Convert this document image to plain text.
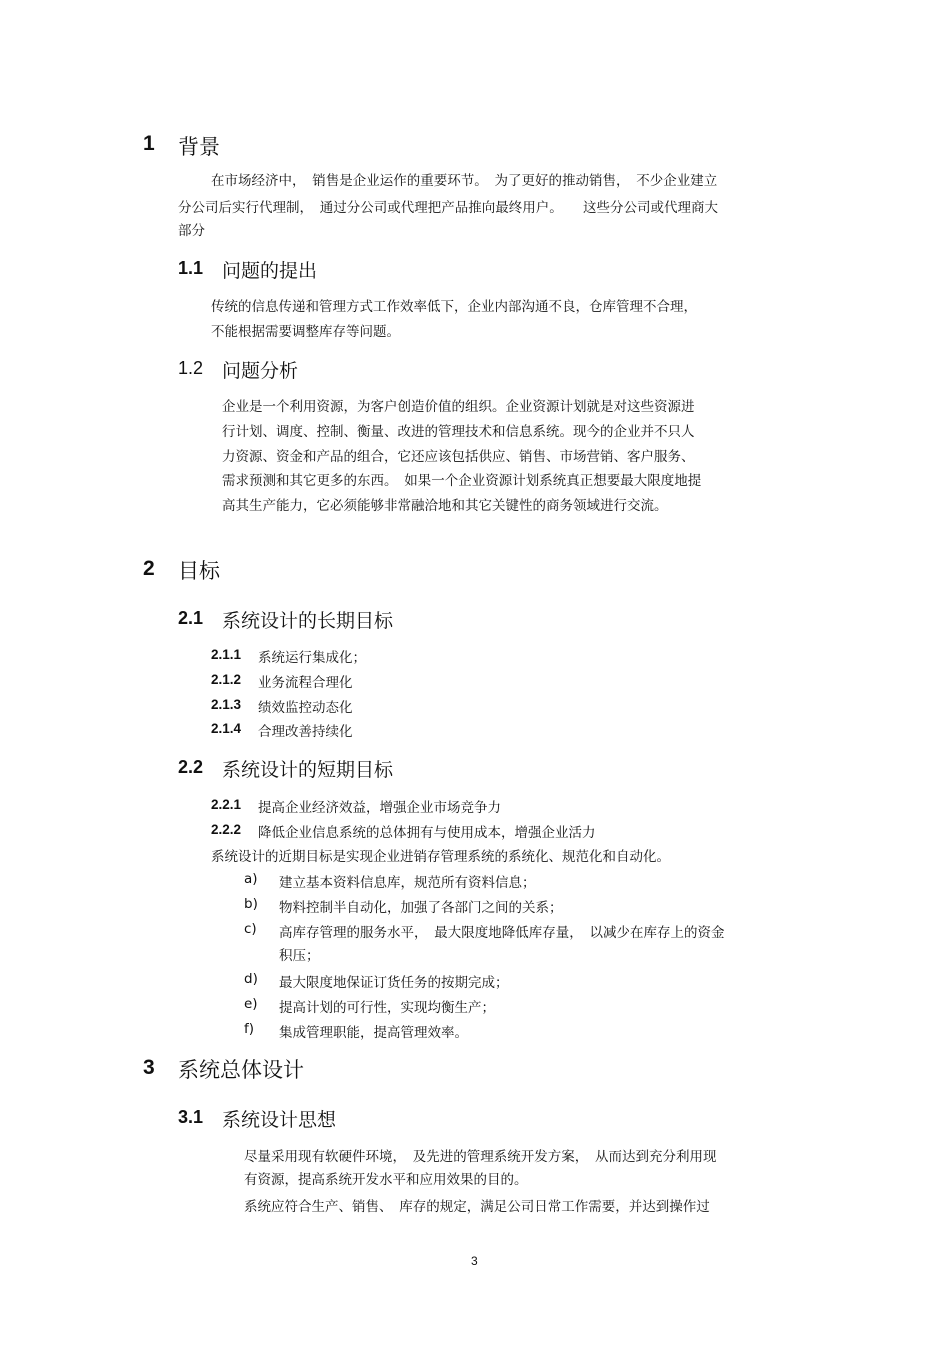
1 背景
在市场经济中，　销售是企业运作的重要环节。　为了更好的推动销售，　不少企业建立
分公司后实行代理制，　通过分公司或代理把产品推向最终用户。　　这些分公司或代理商大
部分
1.1 问题的提出
传统的信息传递和管理方式工作效率低下，企业内部沟通不良，仓库管理不合理，
不能根据需要调整库存等问题。
1.2 问题分析
企业是一个利用资源，为客户创造价值的组织。企业资源计划就是对这些资源进
行计划、调度、控制、衡量、改进的管理技术和信息系统。现今的企业并不只人
力资源、资金和产品的组合，它还应该包括供应、销售、市场营销、客户服务、
需求预测和其它更多的东西。　如果一个企业资源计划系统真正想要最大限度地提
高其生产能力，它必须能够非常融洽地和其它关键性的商务领域进行交流。
2 目标
2.1 系统设计的长期目标
2.1.1 系统运行集成化；
2.1.2 业务流程合理化
2.1.3 绩效监控动态化
2.1.4 合理改善持续化
2.2 系统设计的短期目标
2.2.1 提高企业经济效益，增强企业市场竞争力
2.2.2 降低企业信息系统的总体拥有与使用成本，增强企业活力
系统设计的近期目标是实现企业进销存管理系统的系统化、规范化和自动化。
a) 建立基本资料信息库，规范所有资料信息；
b) 物料控制半自动化，加强了各部门之间的关系；
c) 高库存管理的服务水平，　最大限度地降低库存量，　以减少在库存上的资金
积压；
d) 最大限度地保证订货任务的按期完成；
e) 提高计划的可行性，实现均衡生产；
f) 集成管理职能，提高管理效率。
3 系统总体设计
3.1 系统设计思想
尽量采用现有软硬件环境，　及先进的管理系统开发方案，　从而达到充分利用现
有资源，提高系统开发水平和应用效果的目的。
系统应符合生产、销售、　库存的规定，满足公司日常工作需要，并达到操作过
3
